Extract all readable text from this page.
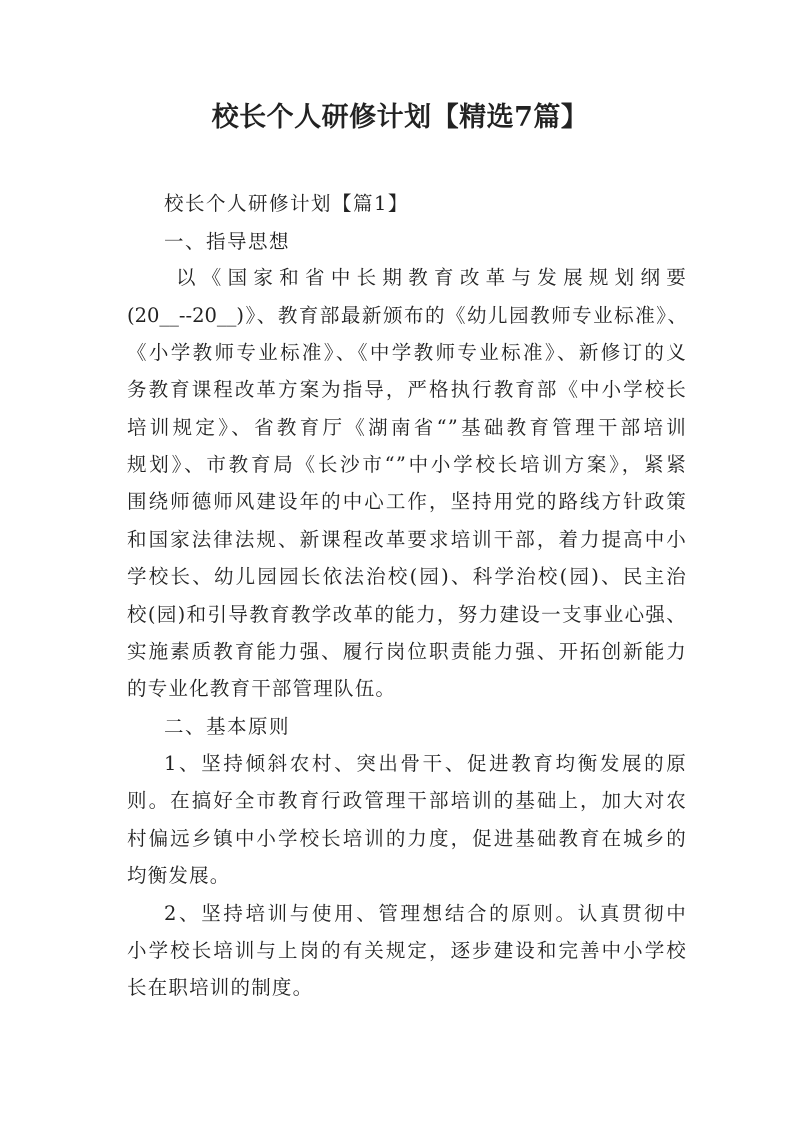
校长个人研修计划【精选7篇】
校长个人研修计划【篇1】
一、指导思想
以《国家和省中长期教育改革与发展规划纲要
(20__--20__)》、教育部最新颁布的《幼儿园教师专业标准》、
《小学教师专业标准》、《中学教师专业标准》、新修订的义
务教育课程改革方案为指导，严格执行教育部《中小学校长
培训规定》、省教育厅《湖南省“”基础教育管理干部培训
规划》、市教育局《长沙市“”中小学校长培训方案》，紧紧
围绕师德师风建设年的中心工作，坚持用党的路线方针政策
和国家法律法规、新课程改革要求培训干部，着力提高中小
学校长、幼儿园园长依法治校(园)、科学治校(园)、民主治
校(园)和引导教育教学改革的能力，努力建设一支事业心强、
实施素质教育能力强、履行岗位职责能力强、开拓创新能力
的专业化教育干部管理队伍。
二、基本原则
1、坚持倾斜农村、突出骨干、促进教育均衡发展的原
则。在搞好全市教育行政管理干部培训的基础上，加大对农
村偏远乡镇中小学校长培训的力度，促进基础教育在城乡的
均衡发展。
2、坚持培训与使用、管理想结合的原则。认真贯彻中
小学校长培训与上岗的有关规定，逐步建设和完善中小学校
长在职培训的制度。
